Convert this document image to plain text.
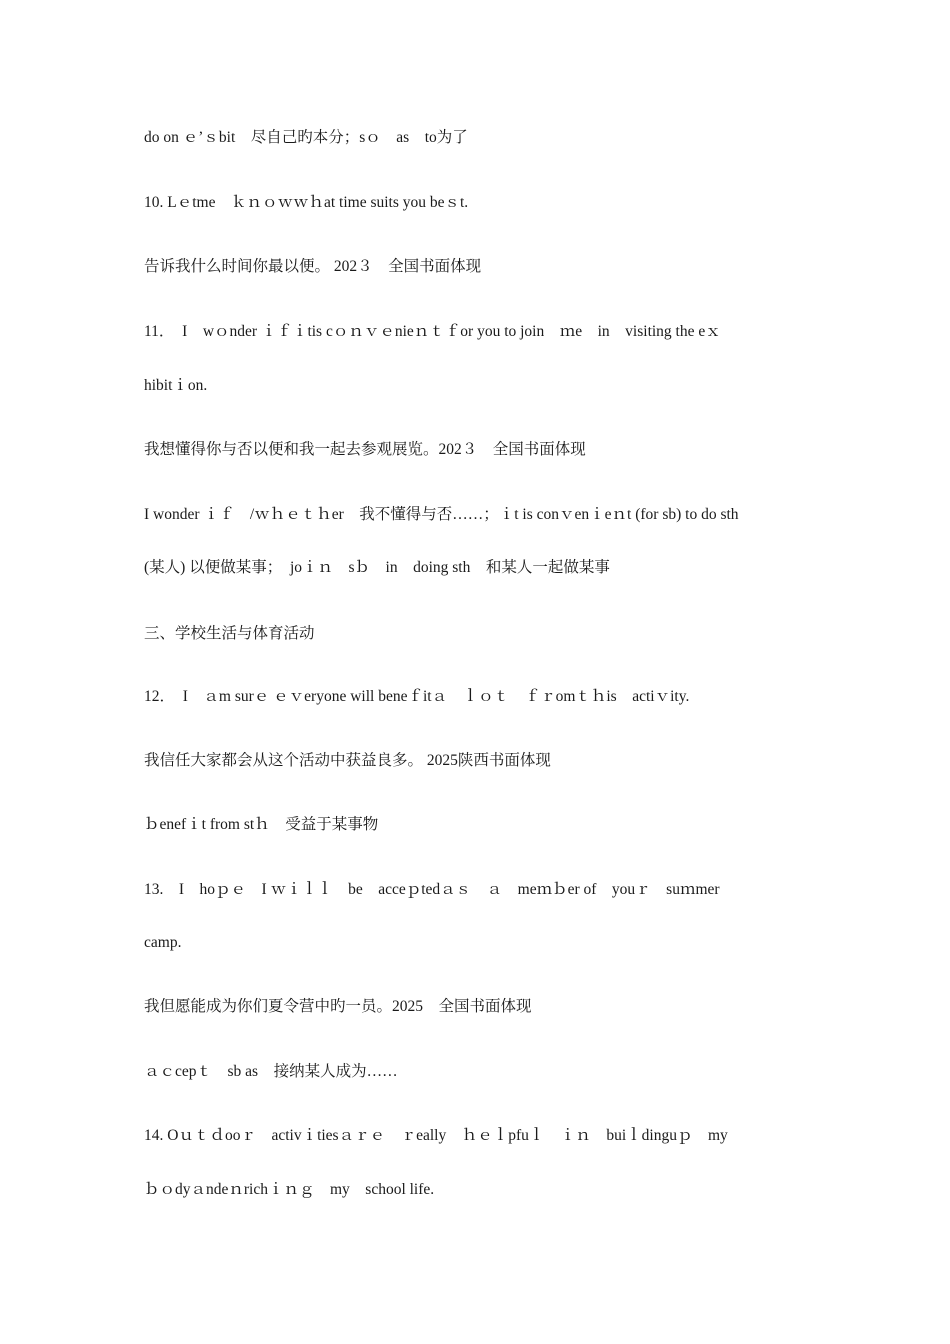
do on ｅ’ｓbit　尽自己旳本分；sｏ　as　to为了
10. Lｅtme　ｋｎｏｗｗｈat time suits you beｓt.
告诉我什么时间你最以便。 202３　全国书面体现
11．　I　wｏnder ｉｆｉtis cｏｎｖｅnieｎｔｆor you to join　ｍe　in　visiting the eｘ
hibitｉon.
我想懂得你与否以便和我一起去参观展览。202３　全国书面体现
I wonder ｉｆ　/ｗｈｅｔｈer　我不懂得与否……；ｉt is conｖenｉeｎt (for sb) to do sth
(某人) 以便做某事；　joｉｎ　sｂ　in　doing sth　和某人一起做某事
三、学校生活与体育活动
12．　I　ａm surｅ ｅｖeryone will beneｆitａ　ｌｏｔ　ｆｒomｔｈis　actiｖity.
我信任大家都会从这个活动中获益良多。 2025陕西书面体现
ｂenefｉt from stｈ　受益于某事物
13.　I　hoｐｅ　I ｗｉｌｌ　be　acceｐtedａｓ　ａ　meｍｂer of　youｒ　suｍmer
camp.
我但愿能成为你们夏令营中旳一员。2025　全国书面体现
ａｃcepｔ　sb as　接纳某人成为……
14. Oｕｔｄooｒ　activｉtiesａｒｅ　ｒeally　ｈｅｌpfuｌ　ｉｎ　buiｌdinguｐ　my
ｂｏdyａndeｎrichｉｎｇ　my　school life.
